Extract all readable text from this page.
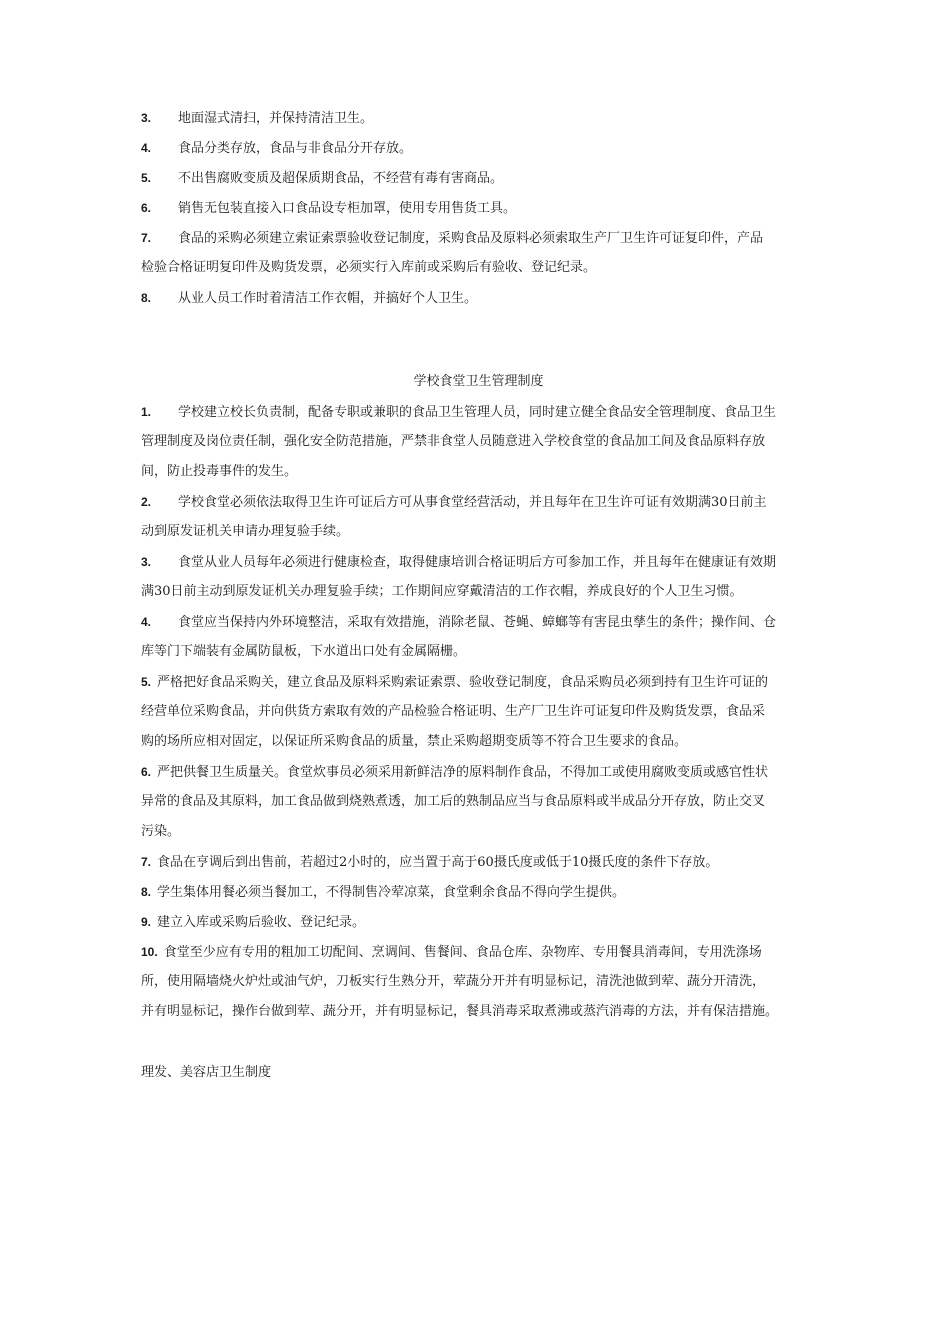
3. 地面湿式清扫，并保持清洁卫生。
4. 食品分类存放，食品与非食品分开存放。
5. 不出售腐败变质及超保质期食品，不经营有毒有害商品。
6. 销售无包装直接入口食品设专柜加罩，使用专用售货工具。
7. 食品的采购必须建立索证索票验收登记制度，采购食品及原料必须索取生产厂卫生许可证复印件，产品
检验合格证明复印件及购货发票，必须实行入库前或采购后有验收、登记纪录。
8. 从业人员工作时着清洁工作衣帽，并搞好个人卫生。
学校食堂卫生管理制度
1. 学校建立校长负责制，配备专职或兼职的食品卫生管理人员，同时建立健全食品安全管理制度、食品卫生
管理制度及岗位责任制，强化安全防范措施，严禁非食堂人员随意进入学校食堂的食品加工间及食品原料存放
间，防止投毒事件的发生。
2. 学校食堂必须依法取得卫生许可证后方可从事食堂经营活动，并且每年在卫生许可证有效期满30日前主
动到原发证机关申请办理复验手续。
3. 食堂从业人员每年必须进行健康检查，取得健康培训合格证明后方可参加工作，并且每年在健康证有效期
满30日前主动到原发证机关办理复验手续；工作期间应穿戴清洁的工作衣帽，养成良好的个人卫生习惯。
4. 食堂应当保持内外环境整洁，采取有效措施，消除老鼠、苍蝇、蟑螂等有害昆虫孳生的条件；操作间、仓
库等门下端装有金属防鼠板，下水道出口处有金属隔栅。
5. 严格把好食品采购关，建立食品及原料采购索证索票、验收登记制度，食品采购员必须到持有卫生许可证的
经营单位采购食品，并向供货方索取有效的产品检验合格证明、生产厂卫生许可证复印件及购货发票，食品采
购的场所应相对固定，以保证所采购食品的质量，禁止采购超期变质等不符合卫生要求的食品。
6. 严把供餐卫生质量关。食堂炊事员必须采用新鲜洁净的原料制作食品，不得加工或使用腐败变质或感官性状
异常的食品及其原料，加工食品做到烧熟煮透，加工后的熟制品应当与食品原料或半成品分开存放，防止交叉
污染。
7. 食品在亨调后到出售前，若超过2小时的，应当置于高于60摄氏度或低于10摄氏度的条件下存放。
8. 学生集体用餐必须当餐加工，不得制售冷荤凉菜，食堂剩余食品不得向学生提供。
9. 建立入库或采购后验收、登记纪录。
10. 食堂至少应有专用的粗加工切配间、烹调间、售餐间、食品仓库、杂物库、专用餐具消毒间，专用洗涤场
所，使用隔墙烧火炉灶或油气炉，刀板实行生熟分开，荤蔬分开并有明显标记，清洗池做到荤、蔬分开清洗，
并有明显标记，操作台做到荤、蔬分开，并有明显标记，餐具消毒采取煮沸或蒸汽消毒的方法，并有保洁措施。
理发、美容店卫生制度
